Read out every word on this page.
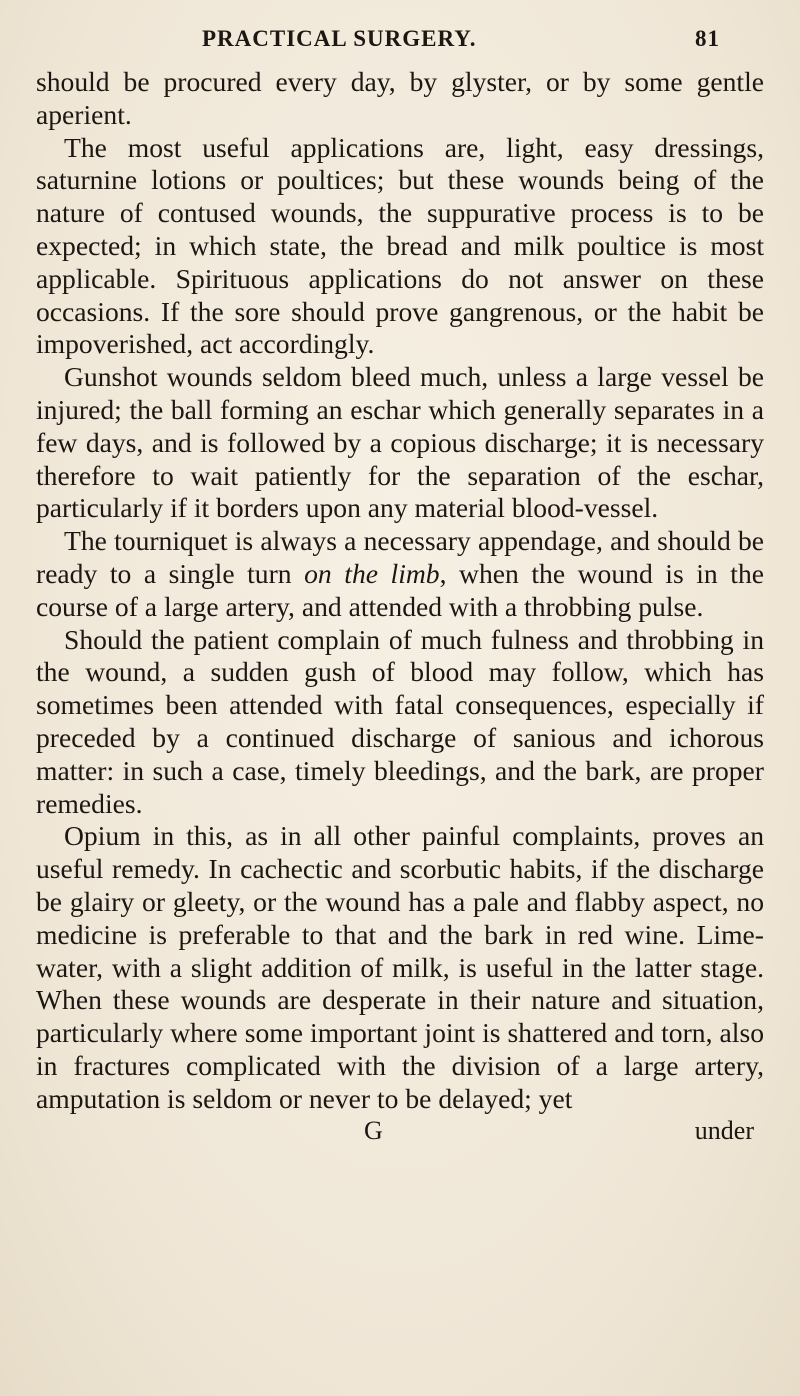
PRACTICAL SURGERY.	81

should be procured every day, by glyster, or by some gentle aperient.

The most useful applications are, light, easy dressings, saturnine lotions or poultices; but these wounds being of the nature of contused wounds, the suppurative process is to be expected; in which state, the bread and milk poultice is most applicable. Spirituous applications do not answer on these occasions. If the sore should prove gangrenous, or the habit be impoverished, act accordingly.

Gunshot wounds seldom bleed much, unless a large vessel be injured; the ball forming an eschar which generally separates in a few days, and is followed by a copious discharge; it is necessary therefore to wait patiently for the separation of the eschar, particularly if it borders upon any material blood-vessel.

The tourniquet is always a necessary appendage, and should be ready to a single turn on the limb, when the wound is in the course of a large artery, and attended with a throbbing pulse.

Should the patient complain of much fulness and throbbing in the wound, a sudden gush of blood may follow, which has sometimes been attended with fatal consequences, especially if preceded by a continued discharge of sanious and ichorous matter: in such a case, timely bleedings, and the bark, are proper remedies.

Opium in this, as in all other painful complaints, proves an useful remedy. In cachectic and scorbutic habits, if the discharge be glairy or gleety, or the wound has a pale and flabby aspect, no medicine is preferable to that and the bark in red wine. Lime-water, with a slight addition of milk, is useful in the latter stage. When these wounds are desperate in their nature and situation, particularly where some important joint is shattered and torn, also in fractures complicated with the division of a large artery, amputation is seldom or never to be delayed; yet

G	under
